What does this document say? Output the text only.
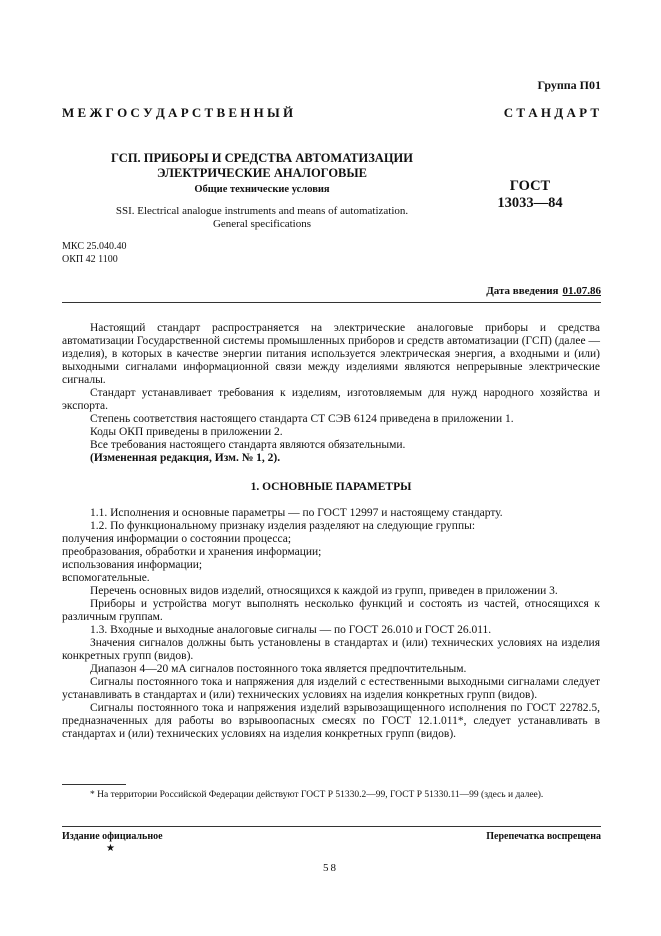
Группа П01
М Е Ж Г О С У Д А Р С Т В Е Н Н Ы Й	С Т А Н Д А Р Т
ГСП. ПРИБОРЫ И СРЕДСТВА АВТОМАТИЗАЦИИ
ЭЛЕКТРИЧЕСКИЕ АНАЛОГОВЫЕ
Общие технические условия
SSI. Electrical analogue instruments and means of automatization.
General specifications
ГОСТ
13033—84
МКС 25.040.40
ОКП 42 1100
Дата введения 01.07.86

Настоящий стандарт распространяется на электрические аналоговые приборы и средства автоматизации Государственной системы промышленных приборов и средств автоматизации (ГСП) (далее — изделия), в которых в качестве энергии питания используется электрическая энергия, а входными и (или) выходными сигналами информационной связи между изделиями являются непрерывные электрические сигналы.

Стандарт устанавливает требования к изделиям, изготовляемым для нужд народного хозяйства и экспорта.

Степень соответствия настоящего стандарта СТ СЭВ 6124 приведена в приложении 1.

Коды ОКП приведены в приложении 2.

Все требования настоящего стандарта являются обязательными.

(Измененная редакция, Изм. № 1, 2).

1. ОСНОВНЫЕ ПАРАМЕТРЫ

1.1. Исполнения и основные параметры — по ГОСТ 12997 и настоящему стандарту.

1.2. По функциональному признаку изделия разделяют на следующие группы:

получения информации о состоянии процесса;

преобразования, обработки и хранения информации;

использования информации;

вспомогательные.

Перечень основных видов изделий, относящихся к каждой из групп, приведен в приложении 3.

Приборы и устройства могут выполнять несколько функций и состоять из частей, относящихся к различным группам.

1.3. Входные и выходные аналоговые сигналы — по ГОСТ 26.010 и ГОСТ 26.011.

Значения сигналов должны быть установлены в стандартах и (или) технических условиях на изделия конкретных групп (видов).

Диапазон 4—20 мА сигналов постоянного тока является предпочтительным.

Сигналы постоянного тока и напряжения для изделий с естественными выходными сигналами следует устанавливать в стандартах и (или) технических условиях на изделия конкретных групп (видов).

Сигналы постоянного тока и напряжения изделий взрывозащищенного исполнения по ГОСТ 22782.5, предназначенных для работы во взрывоопасных смесях по ГОСТ 12.1.011*, следует устанавливать в стандартах и (или) технических условиях на изделия конкретных групп (видов).

* На территории Российской Федерации действуют ГОСТ Р 51330.2—99, ГОСТ Р 51330.11—99 (здесь и далее).
Издание официальное
★
Перепечатка воспрещена
58
